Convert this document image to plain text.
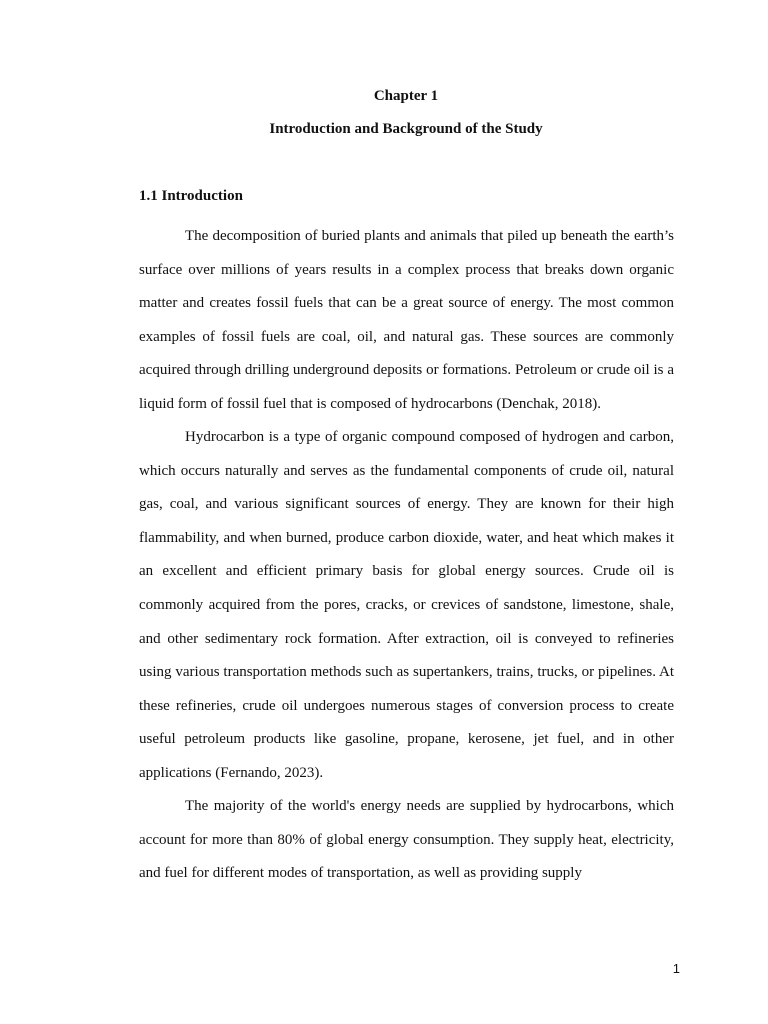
Chapter 1
Introduction and Background of the Study
1.1 Introduction

The decomposition of buried plants and animals that piled up beneath the earth’s surface over millions of years results in a complex process that breaks down organic matter and creates fossil fuels that can be a great source of energy. The most common examples of fossil fuels are coal, oil, and natural gas. These sources are commonly acquired through drilling underground deposits or formations. Petroleum or crude oil is a liquid form of fossil fuel that is composed of hydrocarbons (Denchak, 2018).

Hydrocarbon is a type of organic compound composed of hydrogen and carbon, which occurs naturally and serves as the fundamental components of crude oil, natural gas, coal, and various significant sources of energy. They are known for their high flammability, and when burned, produce carbon dioxide, water, and heat which makes it an excellent and efficient primary basis for global energy sources. Crude oil is commonly acquired from the pores, cracks, or crevices of sandstone, limestone, shale, and other sedimentary rock formation. After extraction, oil is conveyed to refineries using various transportation methods such as supertankers, trains, trucks, or pipelines. At these refineries, crude oil undergoes numerous stages of conversion process to create useful petroleum products like gasoline, propane, kerosene, jet fuel, and in other applications (Fernando, 2023).

The majority of the world's energy needs are supplied by hydrocarbons, which account for more than 80% of global energy consumption. They supply heat, electricity, and fuel for different modes of transportation, as well as providing supply

1
